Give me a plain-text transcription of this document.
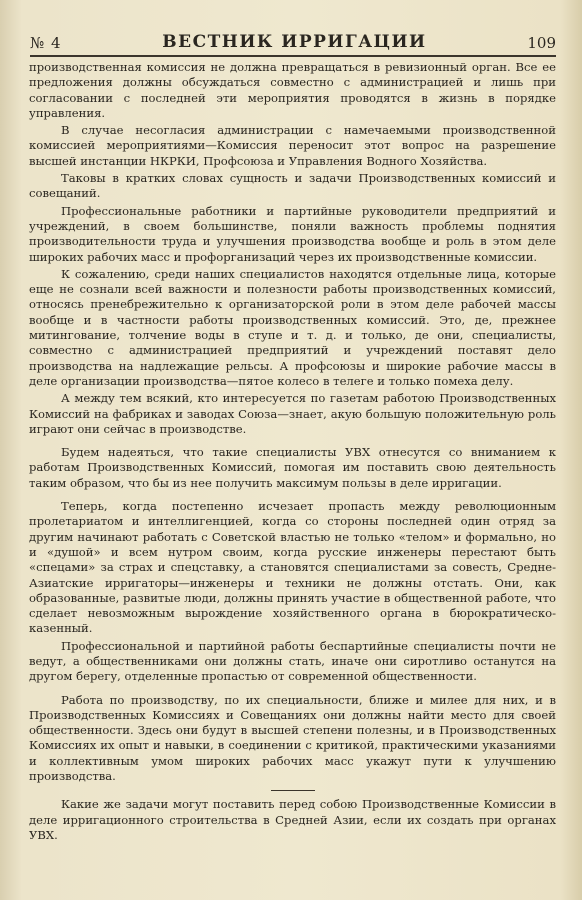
№ 4	ВЕСТНИК ИРРИГАЦИИ	109

производственная комиссия не должна превращаться в ревизионный орган. Все ее предложения должны обсуждаться совместно с администрацией и лишь при согласовании с последней эти мероприятия проводятся в жизнь в порядке управления.

В случае несогласия администрации с намечаемыми производственной комиссией мероприятиями—Комиссия переносит этот вопрос на разрешение высшей инстанции НКРКИ, Профсоюза и Управления Водного Хозяйства.

Таковы в кратких словах сущность и задачи Производственных комиссий и совещаний.

Профессиональные работники и партийные руководители предприятий и учреждений, в своем большинстве, поняли важность проблемы поднятия производительности труда и улучшения производства вообще и роль в этом деле широких рабочих масс и профорганизаций через их производственные комиссии.

К сожалению, среди наших специалистов находятся отдельные лица, которые еще не сознали всей важности и полезности работы производственных комиссий, относясь пренебрежительно к организаторской роли в этом деле рабочей массы вообще и в частности работы производственных комиссий. Это, де, прежнее митингование, толчение воды в ступе и т. д. и только, де они, специалисты, совместно с администрацией предприятий и учреждений поставят дело производства на надлежащие рельсы. А профсоюзы и широкие рабочие массы в деле организации производства—пятое колесо в телеге и только помеха делу.

А между тем всякий, кто интересуется по газетам работою Производственных Комиссий на фабриках и заводах Союза—знает, акую большую положительную роль играют они сейчас в производстве.

Будем надеяться, что такие специалисты УВХ отнесутся со вниманием к работам Производственных Комиссий, помогая им поставить свою деятельность таким образом, что бы из нее получить максимум пользы в деле ирригации.

Теперь, когда постепенно исчезает пропасть между революционным пролетариатом и интеллигенцией, когда со стороны последней один отряд за другим начинают работать с Советской властью не только «телом» и формально, но и «душой» и всем нутром своим, когда русские инженеры перестают быть «спецами» за страх и спецставку, а становятся специалистами за совесть, Средне-Азиатские ирригаторы—инженеры и техники не должны отстать. Они, как образованные, развитые люди, должны принять участие в общественной работе, что сделает невозможным вырождение хозяйственного органа в бюрократическо-казенный.

Профессиональной и партийной работы беспартийные специалисты почти не ведут, а общественниками они должны стать, иначе они сиротливо останутся на другом берегу, отделенные пропастью от современной общественности.

Работа по производству, по их специальности, ближе и милее для них, и в Производственных Комиссиях и Совещаниях они должны найти место для своей общественности. Здесь они будут в высшей степени полезны, и в Производственных Комиссиях их опыт и навыки, в соединении с критикой, практическими указаниями и коллективным умом широких рабочих масс укажут пути к улучшению производства.

Какие же задачи могут поставить перед собою Производственные Комиссии в деле ирригационного строительства в Средней Азии, если их создать при органах УВХ.
